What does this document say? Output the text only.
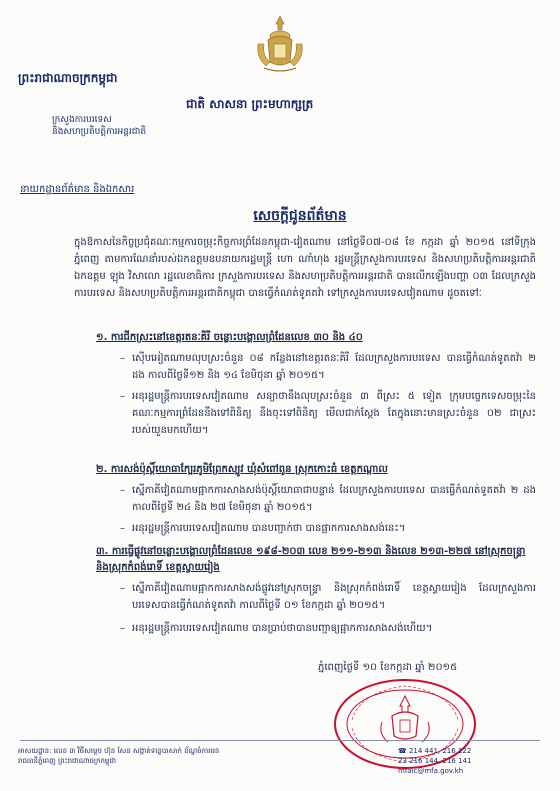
ព្រះរាជាណាចក្រកម្ពុជា
ជាតិ សាសនា ព្រះមហាក្សត្រ
ក្រសួងការបរទេស
និងសហប្រតិបត្តិការអន្តរជាតិ
នាយកដ្ឋានព័ត៌មាន និងឯកសារ
សេចក្តីជូនព័ត៌មាន
ក្នុងឱកាសនៃកិច្ចប្រជុំគណៈកម្មការចម្រុះកិច្ចការព្រំដែនកម្ពុជា-វៀតណាម នៅថ្ងៃទី០៧-០៨ ខែ កក្កដា ឆ្នាំ ២០១៥ នៅទីក្រុងភ្នំពេញ តាមការណែនាំរបស់ឯកឧត្តមឧបនាយករដ្ឋមន្ត្រី ហោ ណាំហុង រដ្ឋមន្ត្រីក្រសួងការបរទេស និងសហប្រតិបត្តិការអន្តរជាតិ ឯកឧត្តម ឡុង វិសាលោ រដ្ឋលេខាធិការ ក្រសួងការបរទេស និងសហប្រតិបត្តិការអន្តរជាតិ បានលើកឡើងបញ្ហា ០៣ ដែលក្រសួងការបរទេស និងសហប្រតិបត្តិការអន្តរជាតិកម្ពុជា បានធ្វើកំណត់ទូតតវ៉ា ទៅក្រសួងការបរទេសវៀតណាម ដូចតទៅៈ
១. ការជីកស្រះនៅខេត្តរតនៈគិរី ចន្លោះបង្គោលព្រំដែនលេខ ៣០ និង ៤០
– ស៊ើបអៀតណាមលុបស្រះចំនួន ០៨ កន្លែងនៅខេត្តរតនៈគិរី ដែលក្រសួងការបរទេស បានធ្វើកំណត់ទូតតវ៉ា ២ ដង កាលពីថ្ងៃទី១២ និង ១៤ ខែមិថុនា ឆ្នាំ ២០១៥។
– អនុរដ្ឋមន្ត្រីការបរទេសវៀតណាម សន្យាថានឹងលុបស្រះចំនួន ៣ ពីស្រះ ៥ ទៀត ក្រុមបច្ចេកទេសចម្រុះនៃគណៈកម្មការព្រំដែននឹងទៅពិនិត្យ នឹងចុះទៅពិនិត្យ មើលជាក់ស្តែង តែក្នុងនោះមានស្រះចំនួន ០២ ជាស្រះរបស់យួនមកហើយ។
២. ការសង់ប៉ុស្តិ៍យោធាក្បែរភូមិព្រែកស្បូវ ឃុំសំពៅពូន ស្រុកកោះធំ ខេត្តកណ្តាល
– ស្នើភាគីវៀតណាមផ្អាកការសាងសង់ប៉ុស្តិ៍យោធាជាបន្ទាន់ ដែលក្រសួងការបរទេស បានធ្វើកំណត់ទូតតវ៉ា ២ ដង កាលពីថ្ងៃទី ២៤ និង ២៧ ខែមិថុនា ឆ្នាំ ២០១៥។
– អនុរដ្ឋមន្ត្រីការបរទេសវៀតណាម បានបញ្ជាក់ថា បានផ្អាកការសាងសង់នេះ។
៣. ការធ្វើផ្លូវនៅចន្លោះបង្គោលព្រំដែនលេខ ១៩៨-២០៣ លេខ ២១១-២១៣ និងលេខ ២១៣-២២៧ នៅស្រុកចន្ទ្រា និងស្រុកកំពង់រោទិ៍ ខេត្តស្វាយរៀង
– ស្នើភាគីវៀតណាមផ្អាកការសាងសង់ផ្លូវនៅស្រុកចន្ទ្រា និងស្រុកកំពង់រោទិ៍ ខេត្តស្វាយរៀង ដែលក្រសួងការបរទេសបានធ្វើកំណត់ទូតតវ៉ា កាលពីថ្ងៃទី ០១ ខែកក្កដា ឆ្នាំ ២០១៥។
– អនុរដ្ឋមន្ត្រីការបរទេសវៀតណាម បានប្រាប់ថាបានបញ្ជាឲ្យផ្អាកការសាងសង់ហើយ។
ភ្នំពេញថ្ងៃទី ១០ ខែកក្កដា ឆ្នាំ ២០១៥
អាសយដ្ឋាន: លេខ ៣ វិថីសម្តេច ហ៊ុន សែន សង្កាត់ទន្លេបាសាក់ ខ័ណ្ឌចំការមន
រាជធានីភ្នំពេញ ព្រះរាជាណាចក្រកម្ពុជា
☎ 214 441, 216 122
23 216 144, 216 141
mfaic@mfa.gov.kh
